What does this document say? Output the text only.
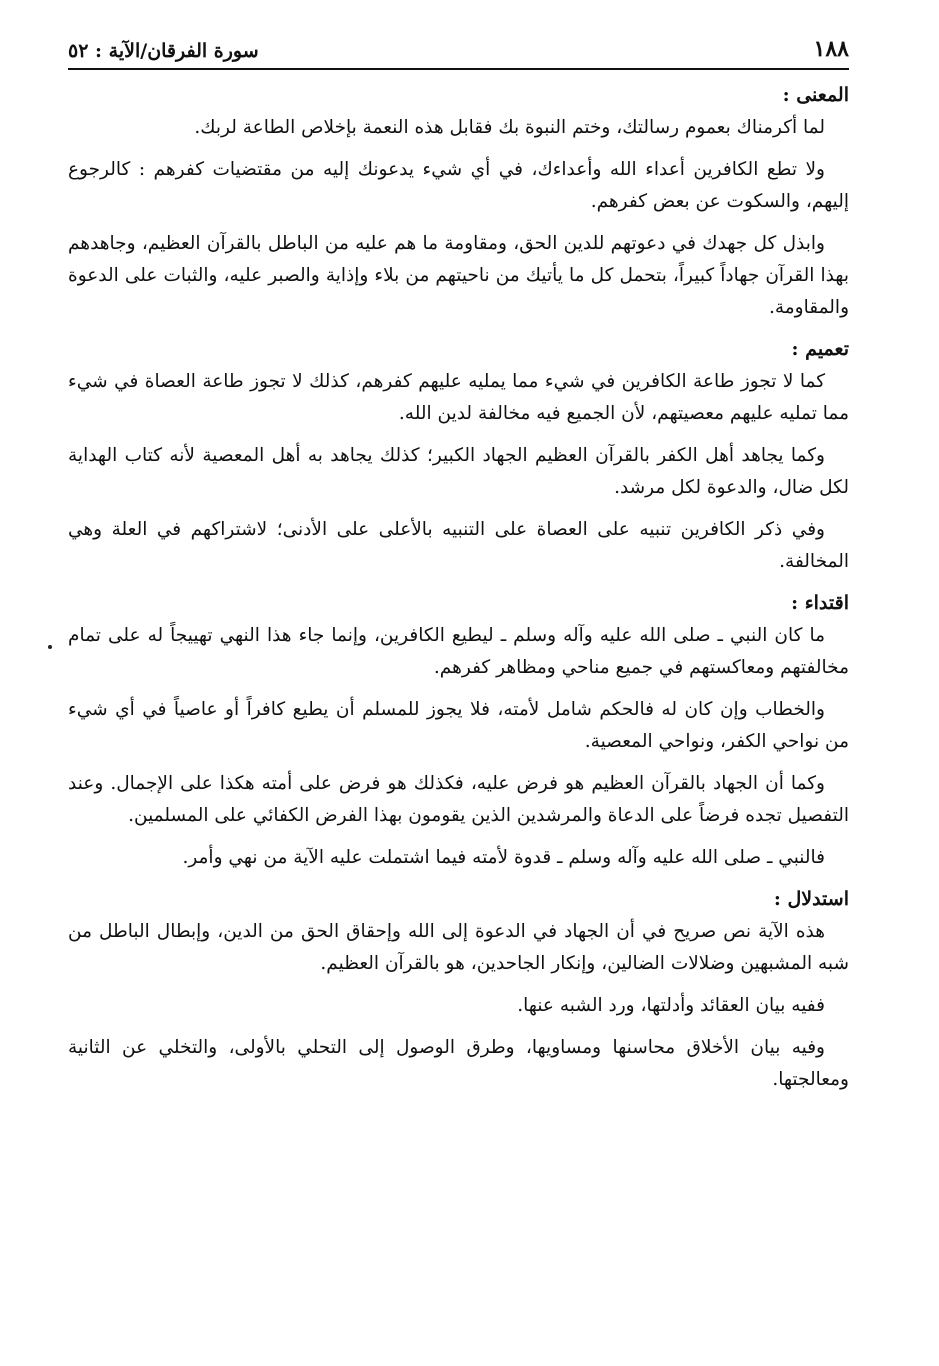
١٨٨
سورة الفرقان/الآية : ٥٢
المعنى :

لما أكرمناك بعموم رسالتك، وختم النبوة بك فقابل هذه النعمة بإخلاص الطاعة لربك.

ولا تطع الكافرين أعداء الله وأعداءك، في أي شيء يدعونك إليه من مقتضيات كفرهم : كالرجوع إليهم، والسكوت عن بعض كفرهم.

وابذل كل جهدك في دعوتهم للدين الحق، ومقاومة ما هم عليه من الباطل بالقرآن العظيم، وجاهدهم بهذا القرآن جهاداً كبيراً، بتحمل كل ما يأتيك من ناحيتهم من بلاء وإذاية والصبر عليه، والثبات على الدعوة والمقاومة.

تعميم :

كما لا تجوز طاعة الكافرين في شيء مما يمليه عليهم كفرهم، كذلك لا تجوز طاعة العصاة في شيء مما تمليه عليهم معصيتهم، لأن الجميع فيه مخالفة لدين الله.

وكما يجاهد أهل الكفر بالقرآن العظيم الجهاد الكبير؛ كذلك يجاهد به أهل المعصية لأنه كتاب الهداية لكل ضال، والدعوة لكل مرشد.

وفي ذكر الكافرين تنبيه على العصاة على التنبيه بالأعلى على الأدنى؛ لاشتراكهم في العلة وهي المخالفة.

اقتداء :

ما كان النبي ـ صلى الله عليه وآله وسلم ـ ليطيع الكافرين، وإنما جاء هذا النهي تهييجاً له على تمام مخالفتهم ومعاكستهم في جميع مناحي ومظاهر كفرهم.

والخطاب وإن كان له فالحكم شامل لأمته، فلا يجوز للمسلم أن يطيع كافراً أو عاصياً في أي شيء من نواحي الكفر، ونواحي المعصية.

وكما أن الجهاد بالقرآن العظيم هو فرض عليه، فكذلك هو فرض على أمته هكذا على الإجمال. وعند التفصيل تجده فرضاً على الدعاة والمرشدين الذين يقومون بهذا الفرض الكفائي على المسلمين.

فالنبي ـ صلى الله عليه وآله وسلم ـ قدوة لأمته فيما اشتملت عليه الآية من نهي وأمر.

استدلال :

هذه الآية نص صريح في أن الجهاد في الدعوة إلى الله وإحقاق الحق من الدين، وإبطال الباطل من شبه المشبهين وضلالات الضالين، وإنكار الجاحدين، هو بالقرآن العظيم.

ففيه بيان العقائد وأدلتها، ورد الشبه عنها.

وفيه بيان الأخلاق محاسنها ومساويها، وطرق الوصول إلى التحلي بالأولى، والتخلي عن الثانية ومعالجتها.
